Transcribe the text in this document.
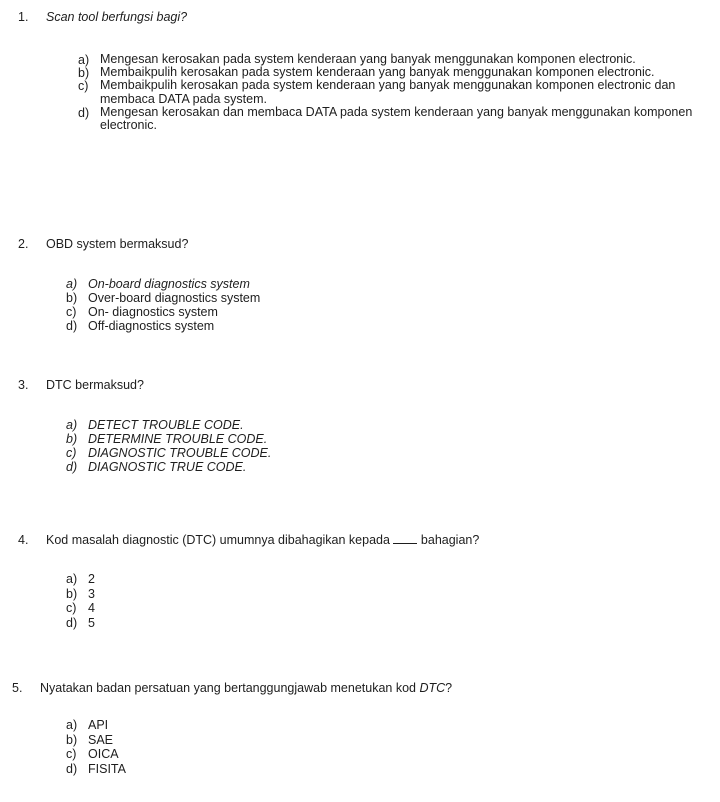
1. Scan tool berfungsi bagi?
a) Mengesan kerosakan pada system kenderaan yang banyak menggunakan komponen electronic.
b) Membaikpulih kerosakan pada system kenderaan yang banyak menggunakan komponen electronic.
c) Membaikpulih kerosakan pada system kenderaan yang banyak menggunakan komponen electronic dan membaca DATA pada system.
d) Mengesan kerosakan dan membaca DATA pada system kenderaan yang banyak menggunakan komponen electronic.
2. OBD system bermaksud?
a) On-board diagnostics system
b) Over-board diagnostics system
c) On- diagnostics system
d) Off-diagnostics system
3. DTC bermaksud?
a) DETECT TROUBLE CODE.
b) DETERMINE TROUBLE CODE.
c) DIAGNOSTIC TROUBLE CODE.
d) DIAGNOSTIC TRUE CODE.
4. Kod masalah diagnostic (DTC) umumnya dibahagikan kepada bahagian?
a) 2
b) 3
c) 4
d) 5
5. Nyatakan badan persatuan yang bertanggungjawab menetukan kod DTC?
a) API
b) SAE
c) OICA
d) FISITA
